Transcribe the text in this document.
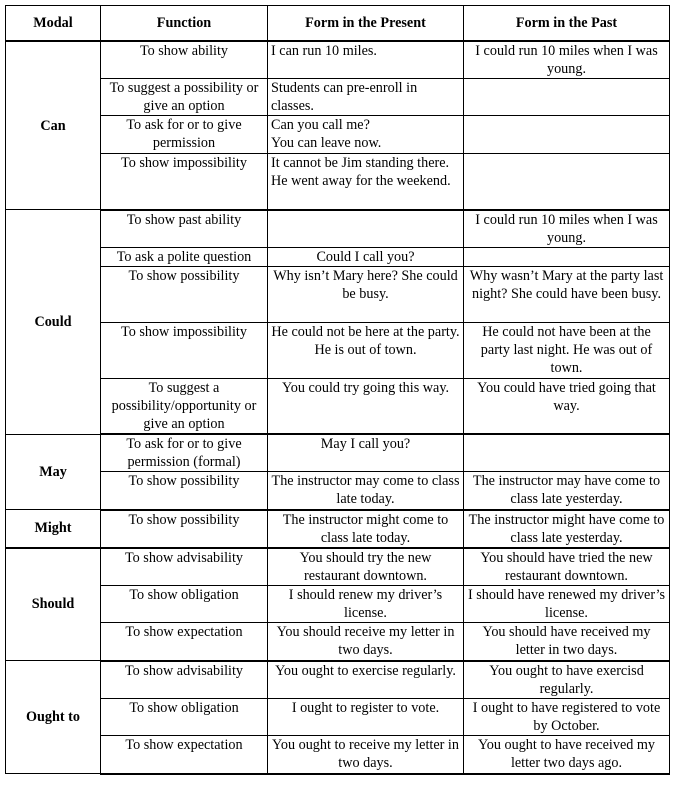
Modal	Function	Form in the Present	Form in the Past
Can	To show ability	I can run 10 miles.	I could run 10 miles when I was young.
	To suggest a possibility or give an option	Students can pre-enroll in classes.	
	To ask for or to give permission	Can you call me?
You can leave now.	
	To show impossibility	It cannot be Jim standing there. He went away for the weekend.	
Could	To show past ability		I could run 10 miles when I was young.
	To ask a polite question	Could I call you?	
	To show possibility	Why isn’t Mary here? She could be busy.	Why wasn’t Mary at the party last night? She could have been busy.
	To show impossibility	He could not be here at the party. He is out of town.	He could not have been at the party last night. He was out of town.
	To suggest a possibility/opportunity or give an option	You could try going this way.	You could have tried going that way.
May	To ask for or to give permission (formal)	May I call you?	
	To show possibility	The instructor may come to class late today.	The instructor may have come to class late yesterday.
Might	To show possibility	The instructor might come to class late today.	The instructor might have come to class late yesterday.
Should	To show advisability	You should try the new restaurant downtown.	You should have tried the new restaurant downtown.
	To show obligation	I should renew my driver’s license.	I should have renewed my driver’s license.
	To show expectation	You should receive my letter in two days.	You should have received my letter in two days.
Ought to	To show advisability	You ought to exercise regularly.	You ought to have exercisd regularly.
	To show obligation	I ought to register to vote.	I ought to have registered to vote by October.
	To show expectation	You ought to receive my letter in two days.	You ought to have received my letter two days ago.
